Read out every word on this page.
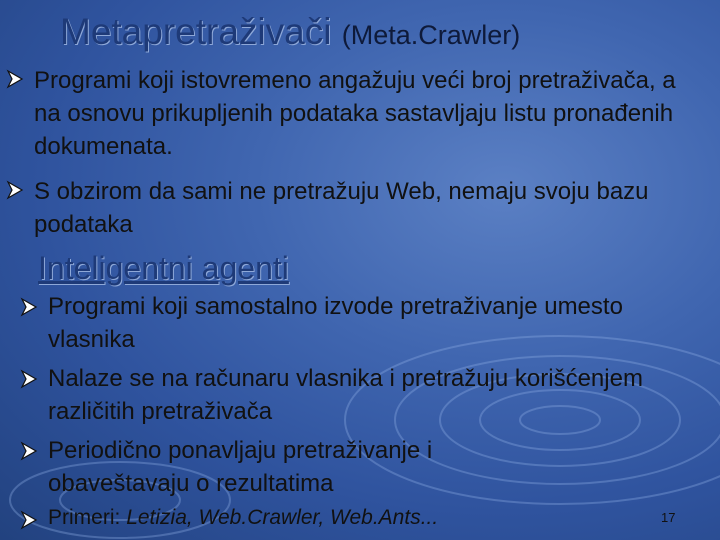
Metapretraživači (Meta.Crawler)
Programi koji istovremeno angažuju veći broj pretraživača, a na osnovu prikupljenih podataka sastavljaju listu pronađenih dokumenata.
S obzirom da sami ne pretražuju Web, nemaju svoju bazu podataka
Inteligentni agenti
Programi koji samostalno izvode pretraživanje umesto vlasnika
Nalaze se na računaru vlasnika i pretražuju korišćenjem različitih pretraživača
Periodično ponavljaju pretraživanje i obaveštavaju o rezultatima
Primeri: Letizia, Web.Crawler, Web.Ants...	17
